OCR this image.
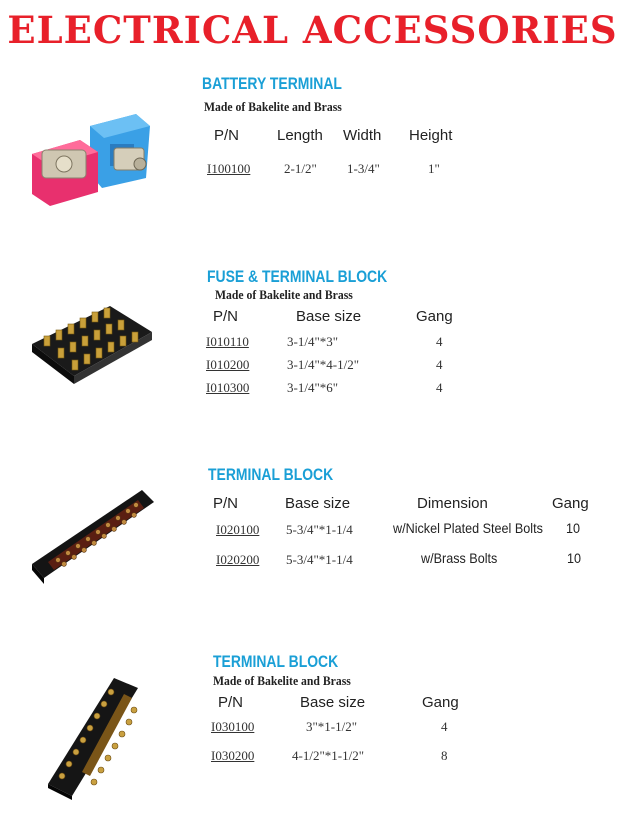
ELECTRICAL ACCESSORIES
BATTERY TERMINAL
Made of Bakelite and Brass
P/N	Length Width Height
I100100	2-1/2" 1-3/4"	1"
FUSE & TERMINAL BLOCK
Made of Bakelite and Brass
P/N	Base size	Gang
I010110	3-1/4"*3"	4
I010200	3-1/4"*4-1/2"	4
I010300	3-1/4"*6"	4
TERMINAL BLOCK
P/N	Base size	Dimension	Gang
I020100 5-3/4"*1-1/4	w/Nickel Plated Steel Bolts 10
I020200 5-3/4"*1-1/4	w/Brass Bolts	10
TERMINAL BLOCK
Made of Bakelite and Brass
P/N	Base size	Gang
I030100	3"*1-1/2"	4
I030200	4-1/2"*1-1/2"	8
